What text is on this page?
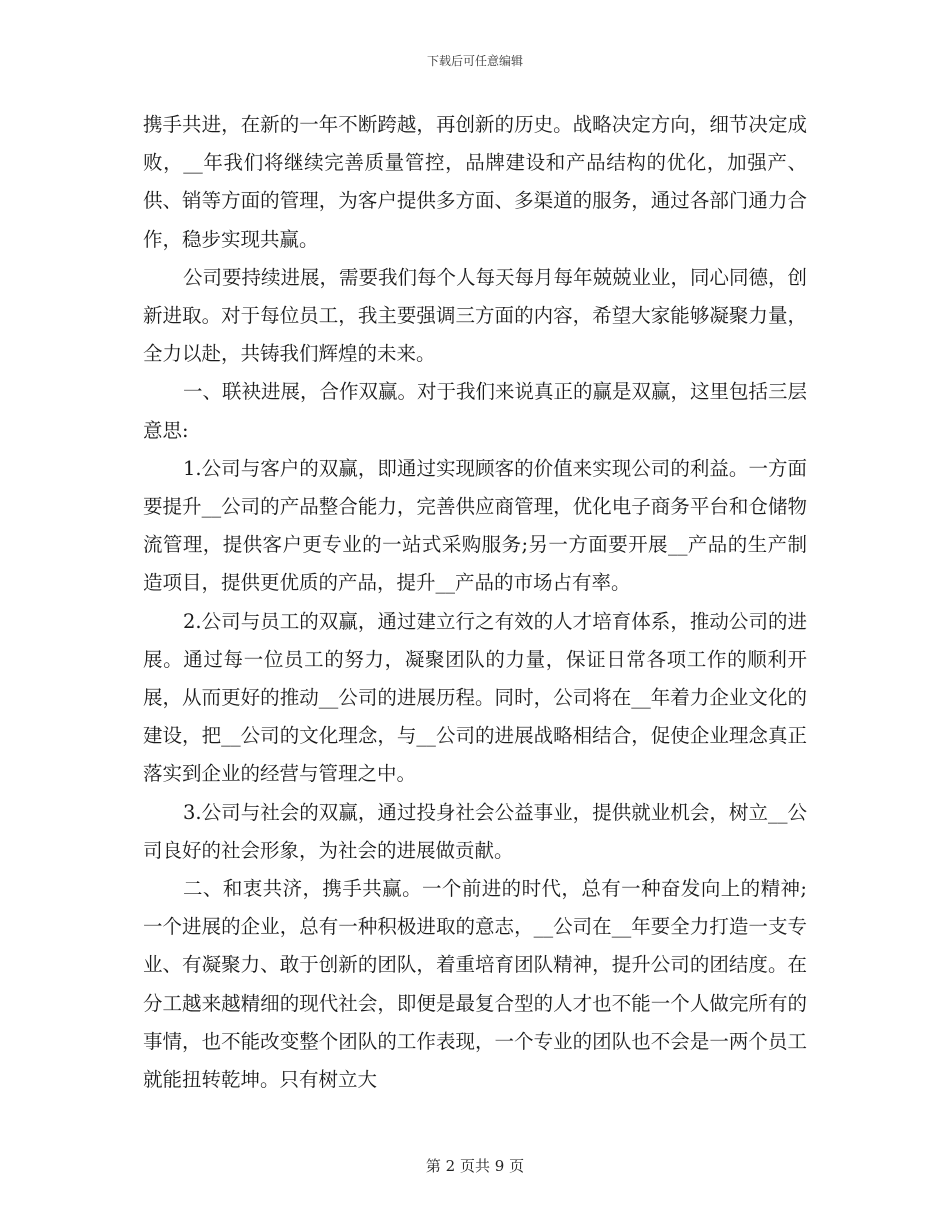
下载后可任意编辑

携手共进，在新的一年不断跨越，再创新的历史。战略决定方向，细节决定成败，__年我们将继续完善质量管控，品牌建设和产品结构的优化，加强产、供、销等方面的管理，为客户提供多方面、多渠道的服务，通过各部门通力合作，稳步实现共赢。

公司要持续进展，需要我们每个人每天每月每年兢兢业业，同心同德，创新进取。对于每位员工，我主要强调三方面的内容，希望大家能够凝聚力量，全力以赴，共铸我们辉煌的未来。

一、联袂进展，合作双赢。对于我们来说真正的赢是双赢，这里包括三层意思:

1.公司与客户的双赢，即通过实现顾客的价值来实现公司的利益。一方面要提升__公司的产品整合能力，完善供应商管理，优化电子商务平台和仓储物流管理，提供客户更专业的一站式采购服务;另一方面要开展__产品的生产制造项目，提供更优质的产品，提升__产品的市场占有率。

2.公司与员工的双赢，通过建立行之有效的人才培育体系，推动公司的进展。通过每一位员工的努力，凝聚团队的力量，保证日常各项工作的顺利开展，从而更好的推动__公司的进展历程。同时，公司将在__年着力企业文化的建设，把__公司的文化理念，与__公司的进展战略相结合，促使企业理念真正落实到企业的经营与管理之中。

3.公司与社会的双赢，通过投身社会公益事业，提供就业机会，树立__公司良好的社会形象，为社会的进展做贡献。

二、和衷共济，携手共赢。一个前进的时代，总有一种奋发向上的精神;一个进展的企业，总有一种积极进取的意志，__公司在__年要全力打造一支专业、有凝聚力、敢于创新的团队，着重培育团队精神，提升公司的团结度。在分工越来越精细的现代社会，即便是最复合型的人才也不能一个人做完所有的事情，也不能改变整个团队的工作表现，一个专业的团队也不会是一两个员工就能扭转乾坤。只有树立大

第 2 页共 9 页
